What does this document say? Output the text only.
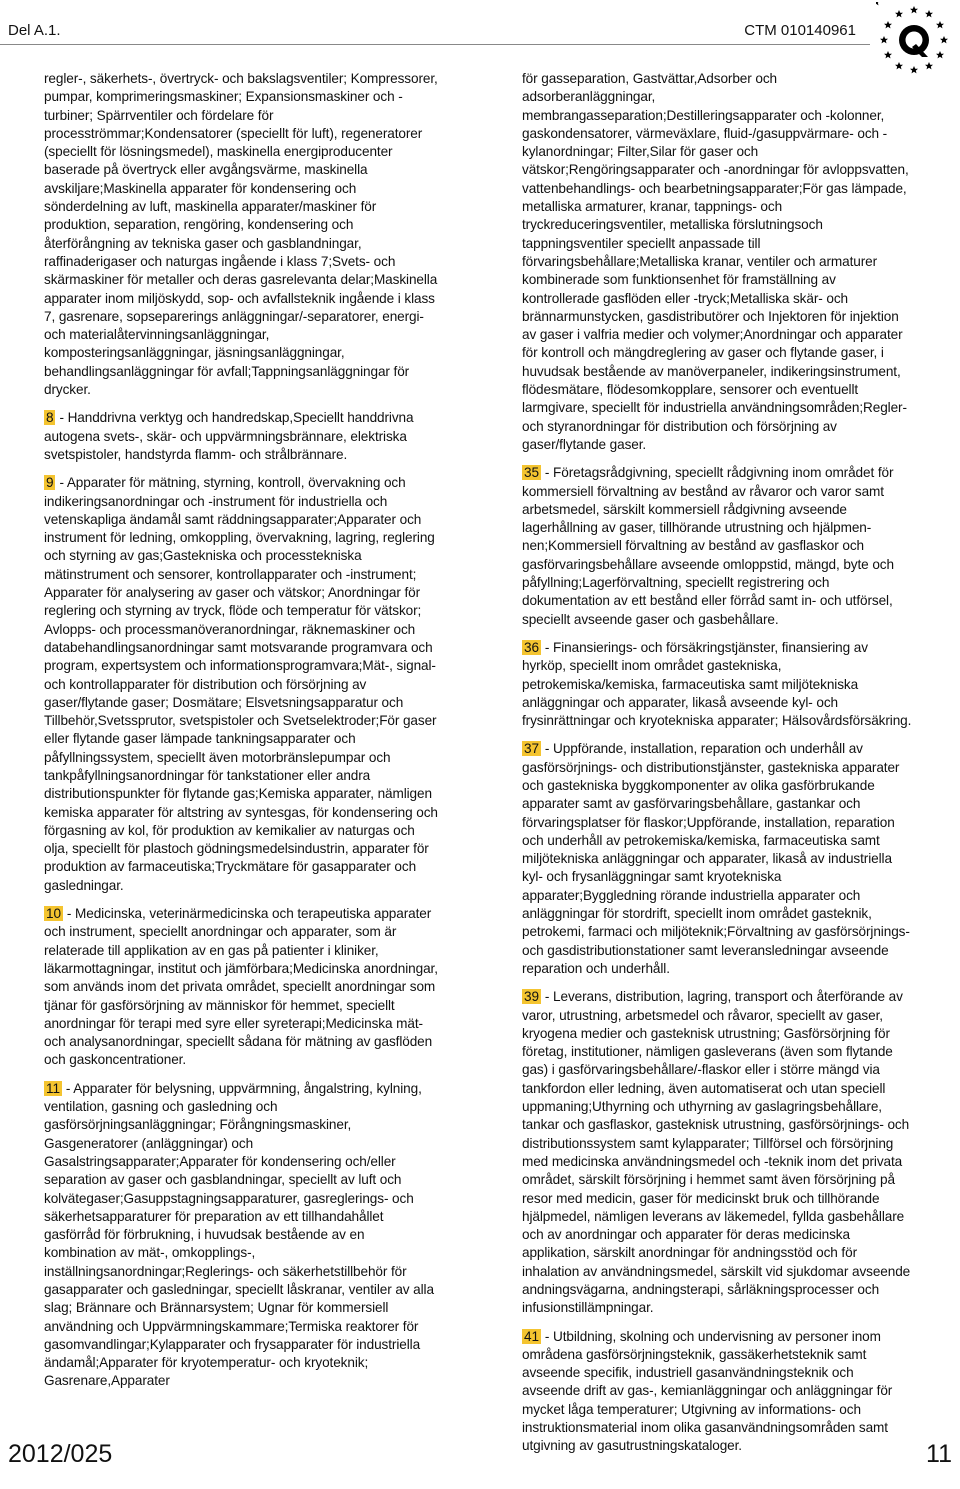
Del A.1.	CTM 010140961

regler-, säkerhets-, övertryck- och bakslagsventiler; Kompressorer, pumpar, komprimeringsmaskiner; Expansionsmaskiner och -turbiner; Spärrventiler och fördelare för procesströmmar;Kondensatorer (speciellt för luft), regeneratorer (speciellt för lösningsmedel), maskinella energiproducenter baserade på övertryck eller avgångsvärme, maskinella avskiljare;Maskinella apparater för kondensering och sönderdelning av luft, maskinella apparater/maskiner för produktion, separation, rengöring, kondensering och återförångning av tekniska gaser och gasblandningar, raffinaderigaser och naturgas ingående i klass 7;Svets- och skärmaskiner för metaller och deras gasrelevanta delar;Maskinella apparater inom miljöskydd, sop- och avfallsteknik ingående i klass 7, gasrenare, sopseparerings anläggningar/-separatorer, energi- och materialåtervinningsanläggningar, komposteringsanläggningar, jäsningsanläggningar, behandlingsanläggningar för avfall;Tappningsanläggningar för drycker.

8 - Handdrivna verktyg och handredskap,Speciellt handdrivna autogena svets-, skär- och uppvärmningsbrännare, elektriska svetspistoler, handstyrda flamm- och strålbrännare.

9 - Apparater för mätning, styrning, kontroll, övervakning och indikeringsanordningar och -instrument för industriella och vetenskapliga ändamål samt räddningsapparater;Apparater och instrument för ledning, omkoppling, övervakning, lagring, reglering och styrning av gas;Gastekniska och processtekniska mätinstrument och sensorer, kontrollapparater och -instrument; Apparater för analysering av gaser och vätskor; Anordningar för reglering och styrning av tryck, flöde och temperatur för vätskor; Avlopps- och processmanöveranordningar, räknemaskiner och databehandlingsanordningar samt motsvarande programvara och program, expertsystem och informationsprogramvara;Mät-, signal- och kontrollapparater för distribution och försörjning av gaser/flytande gaser; Dosmätare; Elsvetsningsapparatur och Tillbehör,Svetssprutor, svetspistoler och Svetselektroder;För gaser eller flytande gaser lämpade tankningsapparater och påfyllningssystem, speciellt även motorbränslepumpar och tankpåfyllningsanordningar för tankstationer eller andra distributionspunkter för flytande gas;Kemiska apparater, nämligen kemiska apparater för altstring av syntesgas, för kondensering och förgasning av kol, för produktion av kemikalier av naturgas och olja, speciellt för plastoch gödningsmedelsindustrin, apparater för produktion av farmaceutiska;Tryckmätare för gasapparater och gasledningar.

10 - Medicinska, veterinärmedicinska och terapeutiska apparater och instrument, speciellt anordningar och apparater, som är relaterade till applikation av en gas på patienter i kliniker, läkarmottagningar, institut och jämförbara;Medicinska anordningar, som används inom det privata området, speciellt anordningar som tjänar för gasförsörjning av människor för hemmet, speciellt anordningar för terapi med syre eller syreterapi;Medicinska mät- och analysanordningar, speciellt sådana för mätning av gasflöden och gaskoncentrationer.

11 - Apparater för belysning, uppvärmning, ångalstring, kylning, ventilation, gasning och gasledning och gasförsörjningsanläggningar; Förångningsmaskiner, Gasgeneratorer (anläggningar) och Gasalstringsapparater;Apparater för kondensering och/eller separation av gaser och gasblandningar, speciellt av luft och kolvätegaser;Gasuppstagningsapparaturer, gasreglerings- och säkerhetsapparaturer för preparation av ett tillhandahållet gasförråd för förbrukning, i huvudsak bestående av en kombination av mät-, omkopplings-, inställningsanordningar;Reglerings- och säkerhetstillbehör för gasapparater och gasledningar, speciellt låskranar, ventiler av alla slag; Brännare och Brännarsystem; Ugnar för kommersiell användning och Uppvärmningskammare;Termiska reaktorer för gasomvandlingar;Kylapparater och frysapparater för industriella ändamål;Apparater för kryotemperatur- och kryoteknik; Gasrenare,Apparater

för gasseparation, Gastvättar,Adsorber och adsorberanläggningar, membrangasseparation;Destilleringsapparater och -kolonner, gaskondensatorer, värmeväxlare, fluid-/gasuppvärmare- och -kylanordningar; Filter,Silar för gaser och vätskor;Rengöringsapparater och -anordningar för avloppsvatten, vattenbehandlings- och bearbetningsapparater;För gas lämpade, metalliska armaturer, kranar, tappnings- och tryckreduceringsventiler, metalliska förslutningsoch tappningsventiler speciellt anpassade till förvaringsbehållare;Metalliska kranar, ventiler och armaturer kombinerade som funktionsenhet för framställning av kontrollerade gasflöden eller -tryck;Metalliska skär- och brännarmunstycken, gasdistributörer och Injektoren för injektion av gaser i valfria medier och volymer;Anordningar och apparater för kontroll och mängdreglering av gaser och flytande gaser, i huvudsak bestående av manöverpaneler, indikeringsinstrument, flödesmätare, flödesomkopplare, sensorer och eventuellt larmgivare, speciellt för industriella användningsområden;Regler- och styranordningar för distribution och försörjning av gaser/flytande gaser.

35 - Företagsrådgivning, speciellt rådgivning inom området för kommersiell förvaltning av bestånd av råvaror och varor samt arbetsmedel, särskilt kommersiell rådgivning avseende lagerhållning av gaser, tillhörande utrustning och hjälpmen-nen;Kommersiell förvaltning av bestånd av gasflaskor och gasförvaringsbehållare avseende omloppstid, mängd, byte och påfyllning;Lagerförvaltning, speciellt registrering och dokumentation av ett bestånd eller förråd samt in- och utförsel, speciellt avseende gaser och gasbehållare.

36 - Finansierings- och försäkringstjänster, finansiering av hyrköp, speciellt inom området gastekniska, petrokemiska/kemiska, farmaceutiska samt miljötekniska anläggningar och apparater, likaså avseende kyl- och frysinrättningar och kryotekniska apparater; Hälsovårdsförsäkring.

37 - Uppförande, installation, reparation och underhåll av gasförsörjnings- och distributionstjänster, gastekniska apparater och gastekniska byggkomponenter av olika gasförbrukande apparater samt av gasförvaringsbehållare, gastankar och förvaringsplatser för flaskor;Uppförande, installation, reparation och underhåll av petrokemiska/kemiska, farmaceutiska samt miljötekniska anläggningar och apparater, likaså av industriella kyl- och frysanläggningar samt kryotekniska apparater;Byggledning rörande industriella apparater och anläggningar för stordrift, speciellt inom området gasteknik, petrokemi, farmaci och miljöteknik;Förvaltning av gasförsörjnings- och gasdistributionstationer samt leveransledningar avseende reparation och underhåll.

39 - Leverans, distribution, lagring, transport och återförande av varor, utrustning, arbetsmedel och råvaror, speciellt av gaser, kryogena medier och gasteknisk utrustning; Gasförsörjning för företag, institutioner, nämligen gasleverans (även som flytande gas) i gasförvaringsbehållare/-flaskor eller i större mängd via tankfordon eller ledning, även automatiserat och utan speciell uppmaning;Uthyrning och uthyrning av gaslagringsbehållare, tankar och gasflaskor, gasteknisk utrustning, gasförsörjnings- och distributionssystem samt kylapparater; Tillförsel och försörjning med medicinska användningsmedel och -teknik inom det privata området, särskilt försörjning i hemmet samt även försörjning på resor med medicin, gaser för medicinskt bruk och tillhörande hjälpmedel, nämligen leverans av läkemedel, fyllda gasbehållare och av anordningar och apparater för deras medicinska applikation, särskilt anordningar för andningsstöd och för inhalation av användningsmedel, särskilt vid sjukdomar avseende andningsvägarna, andningsterapi, sårläkningsprocesser och infusionstillämpningar.

41 - Utbildning, skolning och undervisning av personer inom områdena gasförsörjningsteknik, gassäkerhetsteknik samt avseende specifik, industriell gasanvändningsteknik och avseende drift av gas-, kemianläggningar och anläggningar för mycket låga temperaturer; Utgivning av informations- och instruktionsmaterial inom olika gasanvändningsområden samt utgivning av gasutrustningskataloger.

2012/025	11
